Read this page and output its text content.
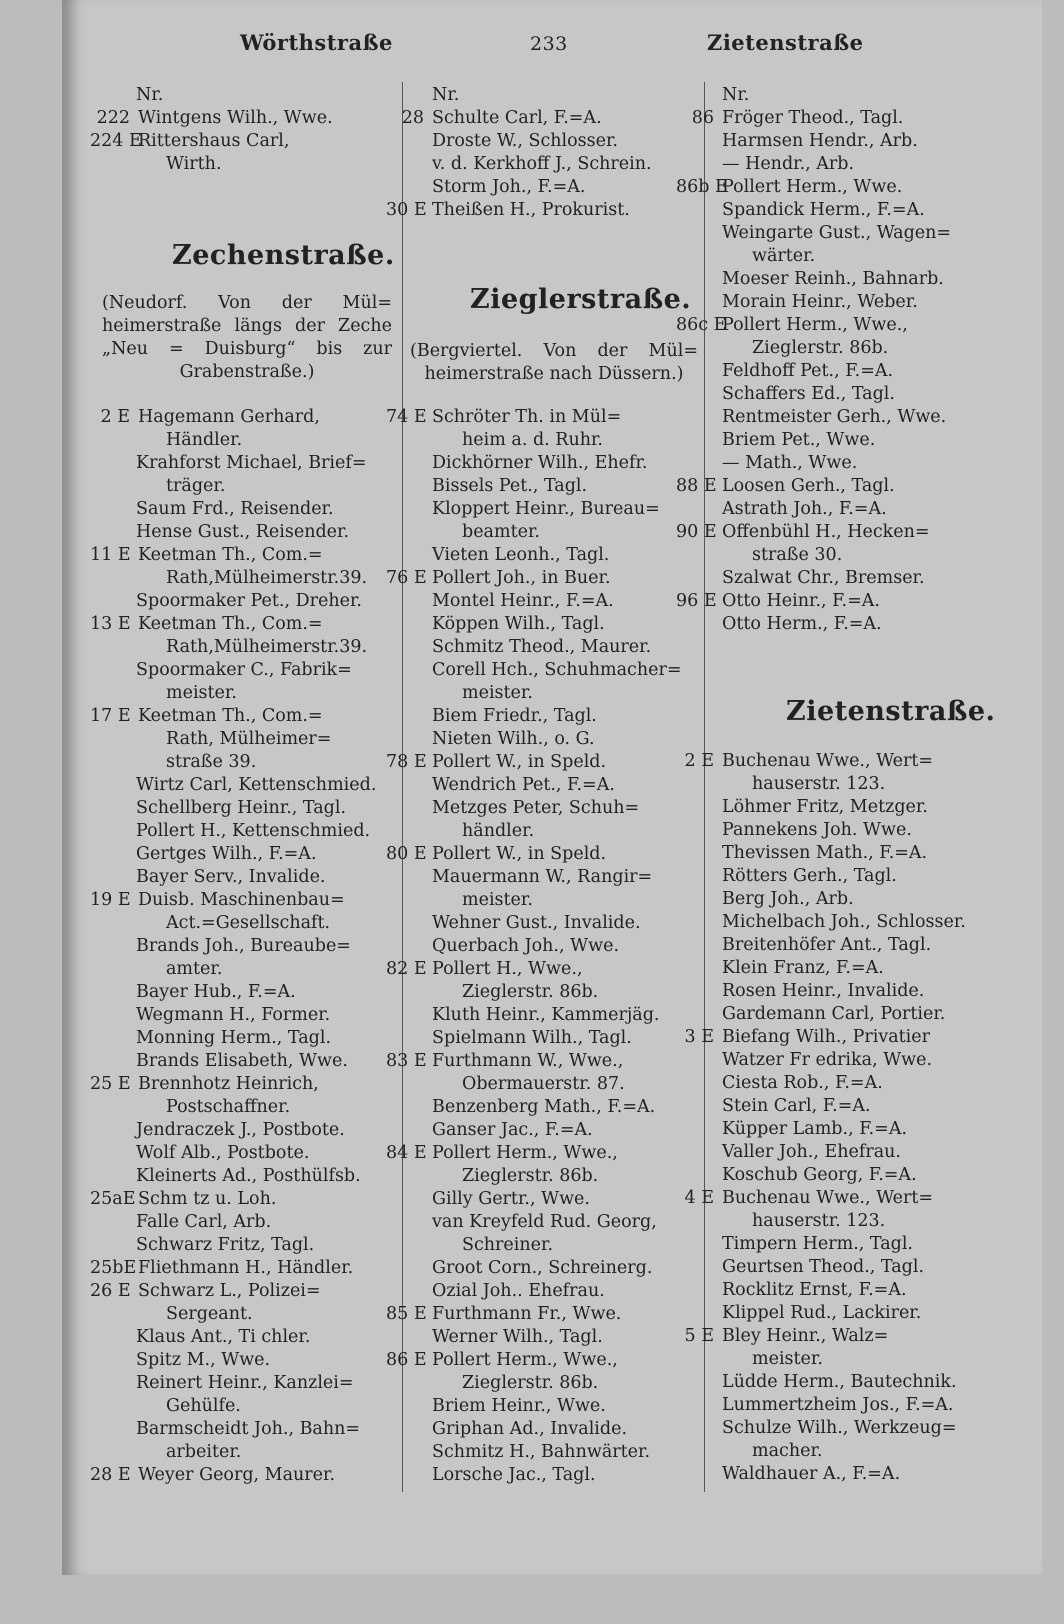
Wörthstraße	233	Zietenstraße
Nr.
222 Wintgens Wilh., Wwe.
224 ERittershaus Carl,
Wirth.
Zechenstraße.
(Neudorf. Von der Mül=
heimerstraße längs der Zeche
„Neu = Duisburg“ bis zur
Grabenstraße.)
2 E Hagemann Gerhard,
Händler.
Krahforst Michael, Brief=
träger.
Saum Frd., Reisender.
Hense Gust., Reisender.
11 E Keetman Th., Com.=
Rath,Mülheimerstr.39.
Spoormaker Pet., Dreher.
13 E Keetman Th., Com.=
Rath,Mülheimerstr.39.
Spoormaker C., Fabrik=
meister.
17 E Keetman Th., Com.=
Rath, Mülheimer=
straße 39.
Wirtz Carl, Kettenschmied.
Schellberg Heinr., Tagl.
Pollert H., Kettenschmied.
Gertges Wilh., F.=A.
Bayer Serv., Invalide.
19 E Duisb. Maschinenbau=
Act.=Gesellschaft.
Brands Joh., Bureaube=
amter.
Bayer Hub., F.=A.
Wegmann H., Former.
Monning Herm., Tagl.
Brands Elisabeth, Wwe.
25 E Brennhotz Heinrich,
Postschaffner.
Jendraczek J., Postbote.
Wolf Alb., Postbote.
Kleinerts Ad., Posthülfsb.
25aE Schm tz u. Loh.
Falle Carl, Arb.
Schwarz Fritz, Tagl.
25bE Fliethmann H., Händler.
26 E Schwarz L., Polizei=
Sergeant.
Klaus Ant., Ti chler.
Spitz M., Wwe.
Reinert Heinr., Kanzlei=
Gehülfe.
Barmscheidt Joh., Bahn=
arbeiter.
28 E Weyer Georg, Maurer.
Nr.
28 Schulte Carl, F.=A.
Droste W., Schlosser.
v. d. Kerkhoff J., Schrein.
Storm Joh., F.=A.
30 E Theißen H., Prokurist.
Zieglerstraße.
(Bergviertel. Von der Mül=
heimerstraße nach Düssern.)
74 E Schröter Th. in Mül=
heim a. d. Ruhr.
Dickhörner Wilh., Ehefr.
Bissels Pet., Tagl.
Kloppert Heinr., Bureau=
beamter.
Vieten Leonh., Tagl.
76 E Pollert Joh., in Buer.
Montel Heinr., F.=A.
Köppen Wilh., Tagl.
Schmitz Theod., Maurer.
Corell Hch., Schuhmacher=
meister.
Biem Friedr., Tagl.
Nieten Wilh., o. G.
78 E Pollert W., in Speld.
Wendrich Pet., F.=A.
Metzges Peter, Schuh=
händler.
80 E Pollert W., in Speld.
Mauermann W., Rangir=
meister.
Wehner Gust., Invalide.
Querbach Joh., Wwe.
82 E Pollert H., Wwe.,
Zieglerstr. 86b.
Kluth Heinr., Kammerjäg.
Spielmann Wilh., Tagl.
83 E Furthmann W., Wwe.,
Obermauerstr. 87.
Benzenberg Math., F.=A.
Ganser Jac., F.=A.
84 E Pollert Herm., Wwe.,
Zieglerstr. 86b.
Gilly Gertr., Wwe.
van Kreyfeld Rud. Georg,
Schreiner.
Groot Corn., Schreinerg.
Ozial Joh.. Ehefrau.
85 E Furthmann Fr., Wwe.
Werner Wilh., Tagl.
86 E Pollert Herm., Wwe.,
Zieglerstr. 86b.
Briem Heinr., Wwe.
Griphan Ad., Invalide.
Schmitz H., Bahnwärter.
Lorsche Jac., Tagl.
Nr.
86 Fröger Theod., Tagl.
Harmsen Hendr., Arb.
— Hendr., Arb.
86b EPollert Herm., Wwe.
Spandick Herm., F.=A.
Weingarte Gust., Wagen=
wärter.
Moeser Reinh., Bahnarb.
Morain Heinr., Weber.
86c EPollert Herm., Wwe.,
Zieglerstr. 86b.
Feldhoff Pet., F.=A.
Schaffers Ed., Tagl.
Rentmeister Gerh., Wwe.
Briem Pet., Wwe.
— Math., Wwe.
88 E Loosen Gerh., Tagl.
Astrath Joh., F.=A.
90 E Offenbühl H., Hecken=
straße 30.
Szalwat Chr., Bremser.
96 E Otto Heinr., F.=A.
Otto Herm., F.=A.
Zietenstraße.
2 E Buchenau Wwe., Wert=
hauserstr. 123.
Löhmer Fritz, Metzger.
Pannekens Joh. Wwe.
Thevissen Math., F.=A.
Rötters Gerh., Tagl.
Berg Joh., Arb.
Michelbach Joh., Schlosser.
Breitenhöfer Ant., Tagl.
Klein Franz, F.=A.
Rosen Heinr., Invalide.
Gardemann Carl, Portier.
3 E Biefang Wilh., Privatier
Watzer Fr edrika, Wwe.
Ciesta Rob., F.=A.
Stein Carl, F.=A.
Küpper Lamb., F.=A.
Valler Joh., Ehefrau.
Koschub Georg, F.=A.
4 E Buchenau Wwe., Wert=
hauserstr. 123.
Timpern Herm., Tagl.
Geurtsen Theod., Tagl.
Rocklitz Ernst, F.=A.
Klippel Rud., Lackirer.
5 E Bley Heinr., Walz=
meister.
Lüdde Herm., Bautechnik.
Lummertzheim Jos., F.=A.
Schulze Wilh., Werkzeug=
macher.
Waldhauer A., F.=A.
